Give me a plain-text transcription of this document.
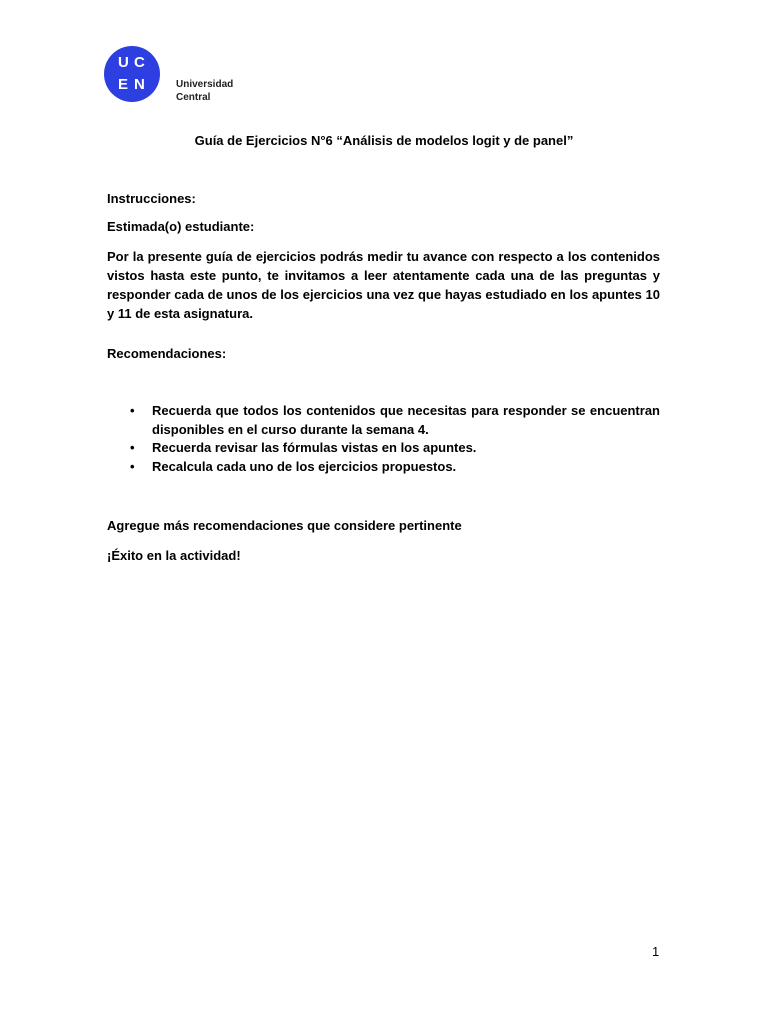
U C
E N	Universidad
Central
Guía de Ejercicios N°6 “Análisis de modelos logit y de panel”
Instrucciones:
Estimada(o) estudiante:
Por la presente guía de ejercicios podrás medir tu avance con respecto a los contenidos vistos hasta este punto, te invitamos a leer atentamente cada una de las preguntas y responder cada de unos de los ejercicios una vez que hayas estudiado en los apuntes 10 y 11 de esta asignatura.
Recomendaciones:
• Recuerda que todos los contenidos que necesitas para responder se encuentran disponibles en el curso durante la semana 4.
• Recuerda revisar las fórmulas vistas en los apuntes.
• Recalcula cada uno de los ejercicios propuestos.
Agregue más recomendaciones que considere pertinente
¡Éxito en la actividad!
1
